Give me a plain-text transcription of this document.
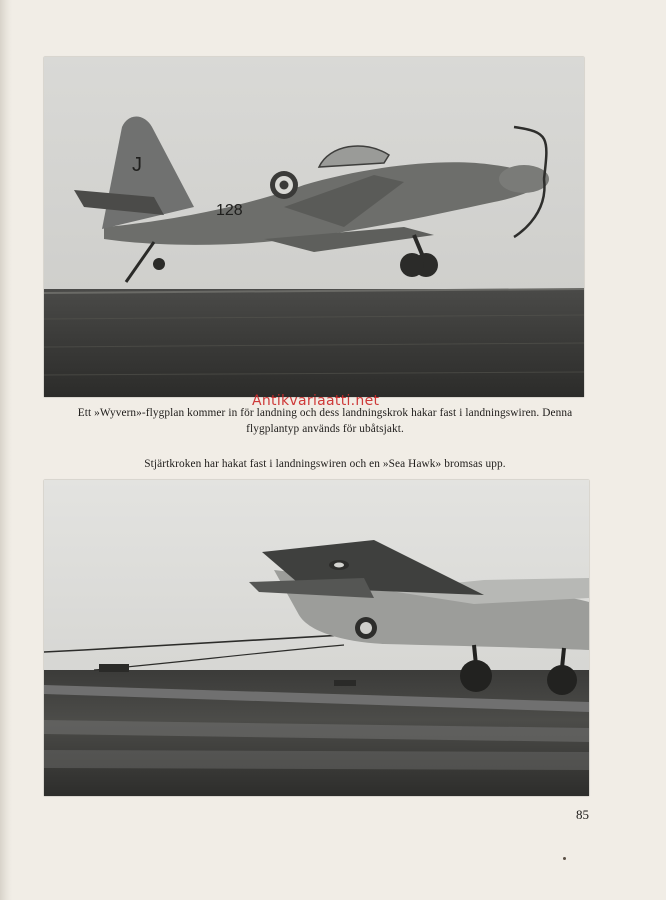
128
J
Antikvariaatti.net
Ett »Wyvern»-flygplan kommer in för landning och dess landningskrok hakar fast i landningswiren. Denna flygplantyp används för ubåtsjakt.
Stjärtkroken har hakat fast i landningswiren och en »Sea Hawk» bromsas upp.
85
